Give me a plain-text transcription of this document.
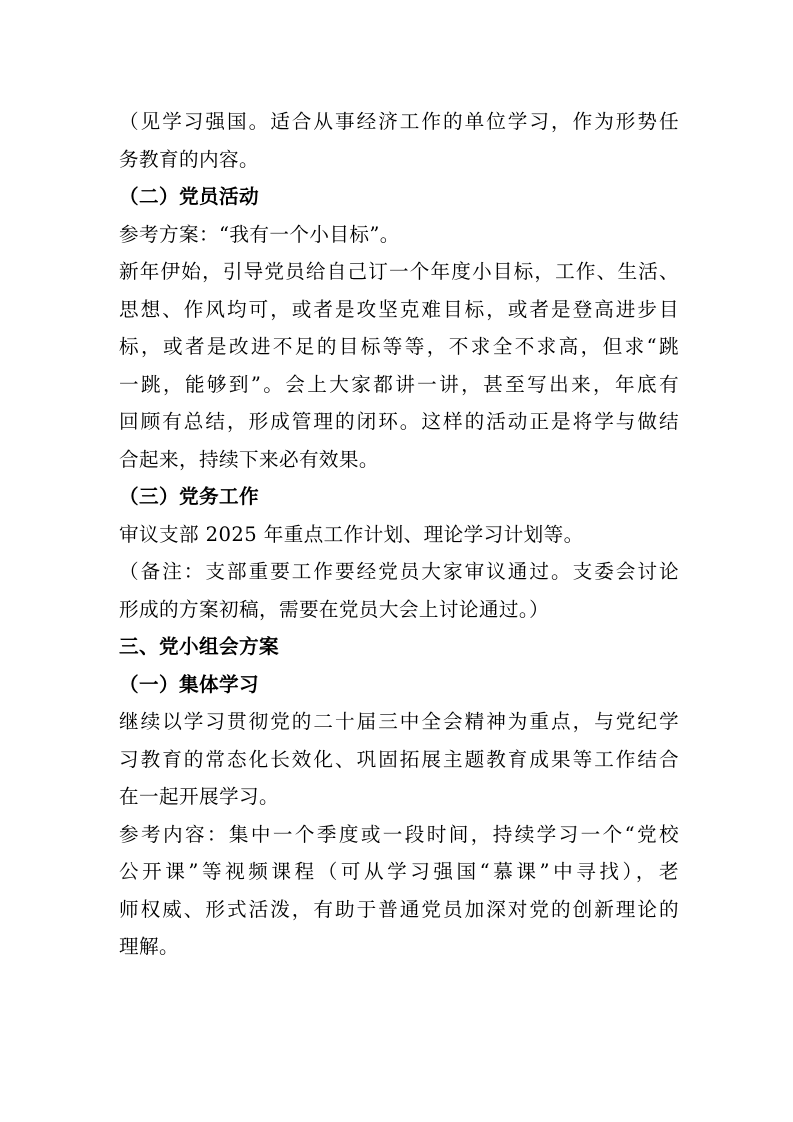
（见学习强国。适合从事经济工作的单位学习，作为形势任
务教育的内容。
（二）党员活动
参考方案：“我有一个小目标”。
新年伊始，引导党员给自己订一个年度小目标，工作、生活、
思想、作风均可，或者是攻坚克难目标，或者是登高进步目
标，或者是改进不足的目标等等，不求全不求高，但求“跳
一跳，能够到”。会上大家都讲一讲，甚至写出来，年底有
回顾有总结，形成管理的闭环。这样的活动正是将学与做结
合起来，持续下来必有效果。
（三）党务工作
审议支部 2025 年重点工作计划、理论学习计划等。
（备注：支部重要工作要经党员大家审议通过。支委会讨论
形成的方案初稿，需要在党员大会上讨论通过。）
三、党小组会方案
（一）集体学习
继续以学习贯彻党的二十届三中全会精神为重点，与党纪学
习教育的常态化长效化、巩固拓展主题教育成果等工作结合
在一起开展学习。
参考内容：集中一个季度或一段时间，持续学习一个“党校
公开课”等视频课程（可从学习强国“慕课”中寻找），老
师权威、形式活泼，有助于普通党员加深对党的创新理论的
理解。
